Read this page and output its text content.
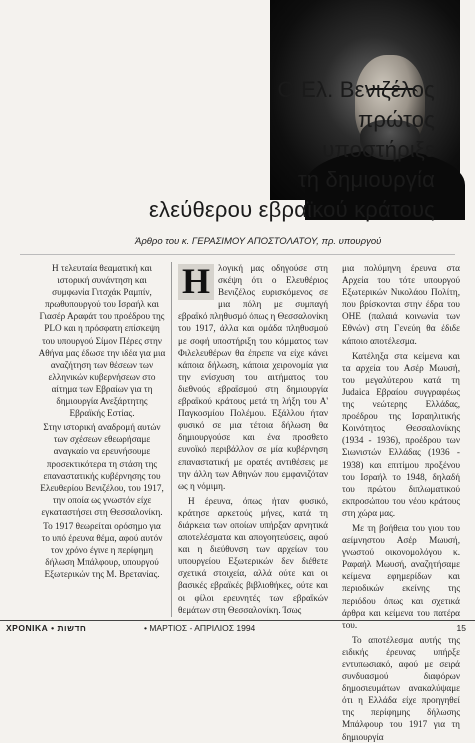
Ο Ελ. Βενιζέλος
πρώτος
υποστήριξε
τη δημιουργία
ελεύθερου εβραϊκού κράτους
Άρθρο του κ. ΓΕΡΑΣΙΜΟΥ ΑΠΟΣΤΟΛΑΤΟΥ, πρ. υπουργού

Η τελευταία θεαματική και ιστορική συνάντηση και συμφωνία Γιτσχάκ Ραμπίν, πρωθυπουργού του Ισραήλ και Γιασέρ Αραφάτ του προέδρου της PLO και η πρόσφατη επίσκεψη του υπουργού Σίμον Πέρες στην Αθήνα μας έδωσε την ιδέα για μια αναζήτηση των θέσεων των ελληνικών κυβερνήσεων στο αίτημα των Εβραίων για τη δημιουργία Ανεξάρτητης Εβραϊκής Εστίας.

Στην ιστορική αναδρομή αυτών των σχέσεων εθεωρήσαμε αναγκαίο να ερευνήσουμε προσεκτικότερα τη στάση της επαναστατικής κυβέρνησης του Ελευθερίου Βενιζέλου, του 1917, την οποία ως γνωστόν είχε εγκαταστήσει στη Θεσσαλονίκη.

Το 1917 θεωρείται ορόσημο για το υπό έρευνα θέμα, αφού αυτόν τον χρόνο έγινε η περίφημη δήλωση Μπάλφουρ, υπουργού Εξωτερικών της Μ. Βρετανίας.

Η λογική μας οδηγούσε στη σκέψη ότι ο Ελευθέριος Βενιζέλος ευρισκόμενος σε μια πόλη με συμπαγή εβραϊκό πληθυσμό όπως η Θεσσαλονίκη του 1917, άλλα και ομάδα πληθυσμού με σοφή υποστήριξη του κόμματος των Φιλελευθέρων θα έπρεπε να είχε κάνει κάποια δήλωση, κάποια χειρονομία για την ενίσχυση του αιτήματος του διεθνούς εβραϊσμού στη δημιουργία εβραϊκού κράτους μετά τη λήξη του Α' Παγκοσμίου Πολέμου. Εξάλλου ήταν φυσικό σε μια τέτοια δήλωση θα δημιουργούσε και ένα προσθετο ευνοϊκό περιβάλλον σε μία κυβέρνηση επαναστατική με ορατές αντιθέσεις με την άλλη των Αθηνών που εμφανιζόταν ως η νόμιμη.

Η έρευνα, όπως ήταν φυσικό, κράτησε αρκετούς μήνες, κατά τη διάρκεια των οποίων υπήρξαν αρνητικά αποτελέσματα και απογοητεύσεις, αφού και η διεύθυνση των αρχείων του υπουργείου Εξωτερικών δεν διέθετε σχετικά στοιχεία, αλλά ούτε και οι βασικές εβραϊκές βιβλιοθήκες, ούτε και οι φίλοι ερευνητές των εβραϊκών θεμάτων στη Θεσσαλονίκη. Ίσως

μια πολύμηνη έρευνα στα Αρχεία του τότε υπουργού Εξωτερικών Νικολάου Πολίτη, που βρίσκονται στην έδρα του ΟΗΕ (παλαιά κοινωνία των Εθνών) στη Γενεύη θα έδιδε κάποιο αποτέλεσμα.

Κατέληξα στα κείμενα και τα αρχεία του Ασέρ Μωυσή, του μεγαλύτερου κατά τη Judaica Εβραίου συγγραφέως της νεώτερης Ελλάδας, προέδρου της Ισραηλιτικής Κοινότητος Θεσσαλονίκης (1934 - 1936), προέδρου των Σιωνιστών Ελλάδας (1936 - 1938) και επιτίμου προξένου του Ισραήλ το 1948, δηλαδή του πρώτου διπλωματικού εκπροσώπου του νέου κράτους στη χώρα μας.

Με τη βοήθεια του γιου του αείμνηστου Ασέρ Μωυσή, γνωστού οικονομολόγου κ. Ραφαήλ Μωυσή, αναζητήσαμε κείμενα εφημερίδων και περιοδικών εκείνης της περιόδου όπως και σχετικά άρθρα και κείμενα του πατέρα του.

Το αποτέλεσμα αυτής της ειδικής έρευνας υπήρξε εντυπωσιακό, αφού με σειρά συνδυασμού διαφόρων δημοσιευμάτων ανακαλύψαμε ότι η Ελλάδα είχε προηγηθεί της περίφημης δήλωσης Μπάλφουρ του 1917 για τη δημιουργία

ΧΡΟΝΙΚΑ • חדשות	• ΜΑΡΤΙΟΣ - ΑΠΡΙΛΙΟΣ 1994	15
